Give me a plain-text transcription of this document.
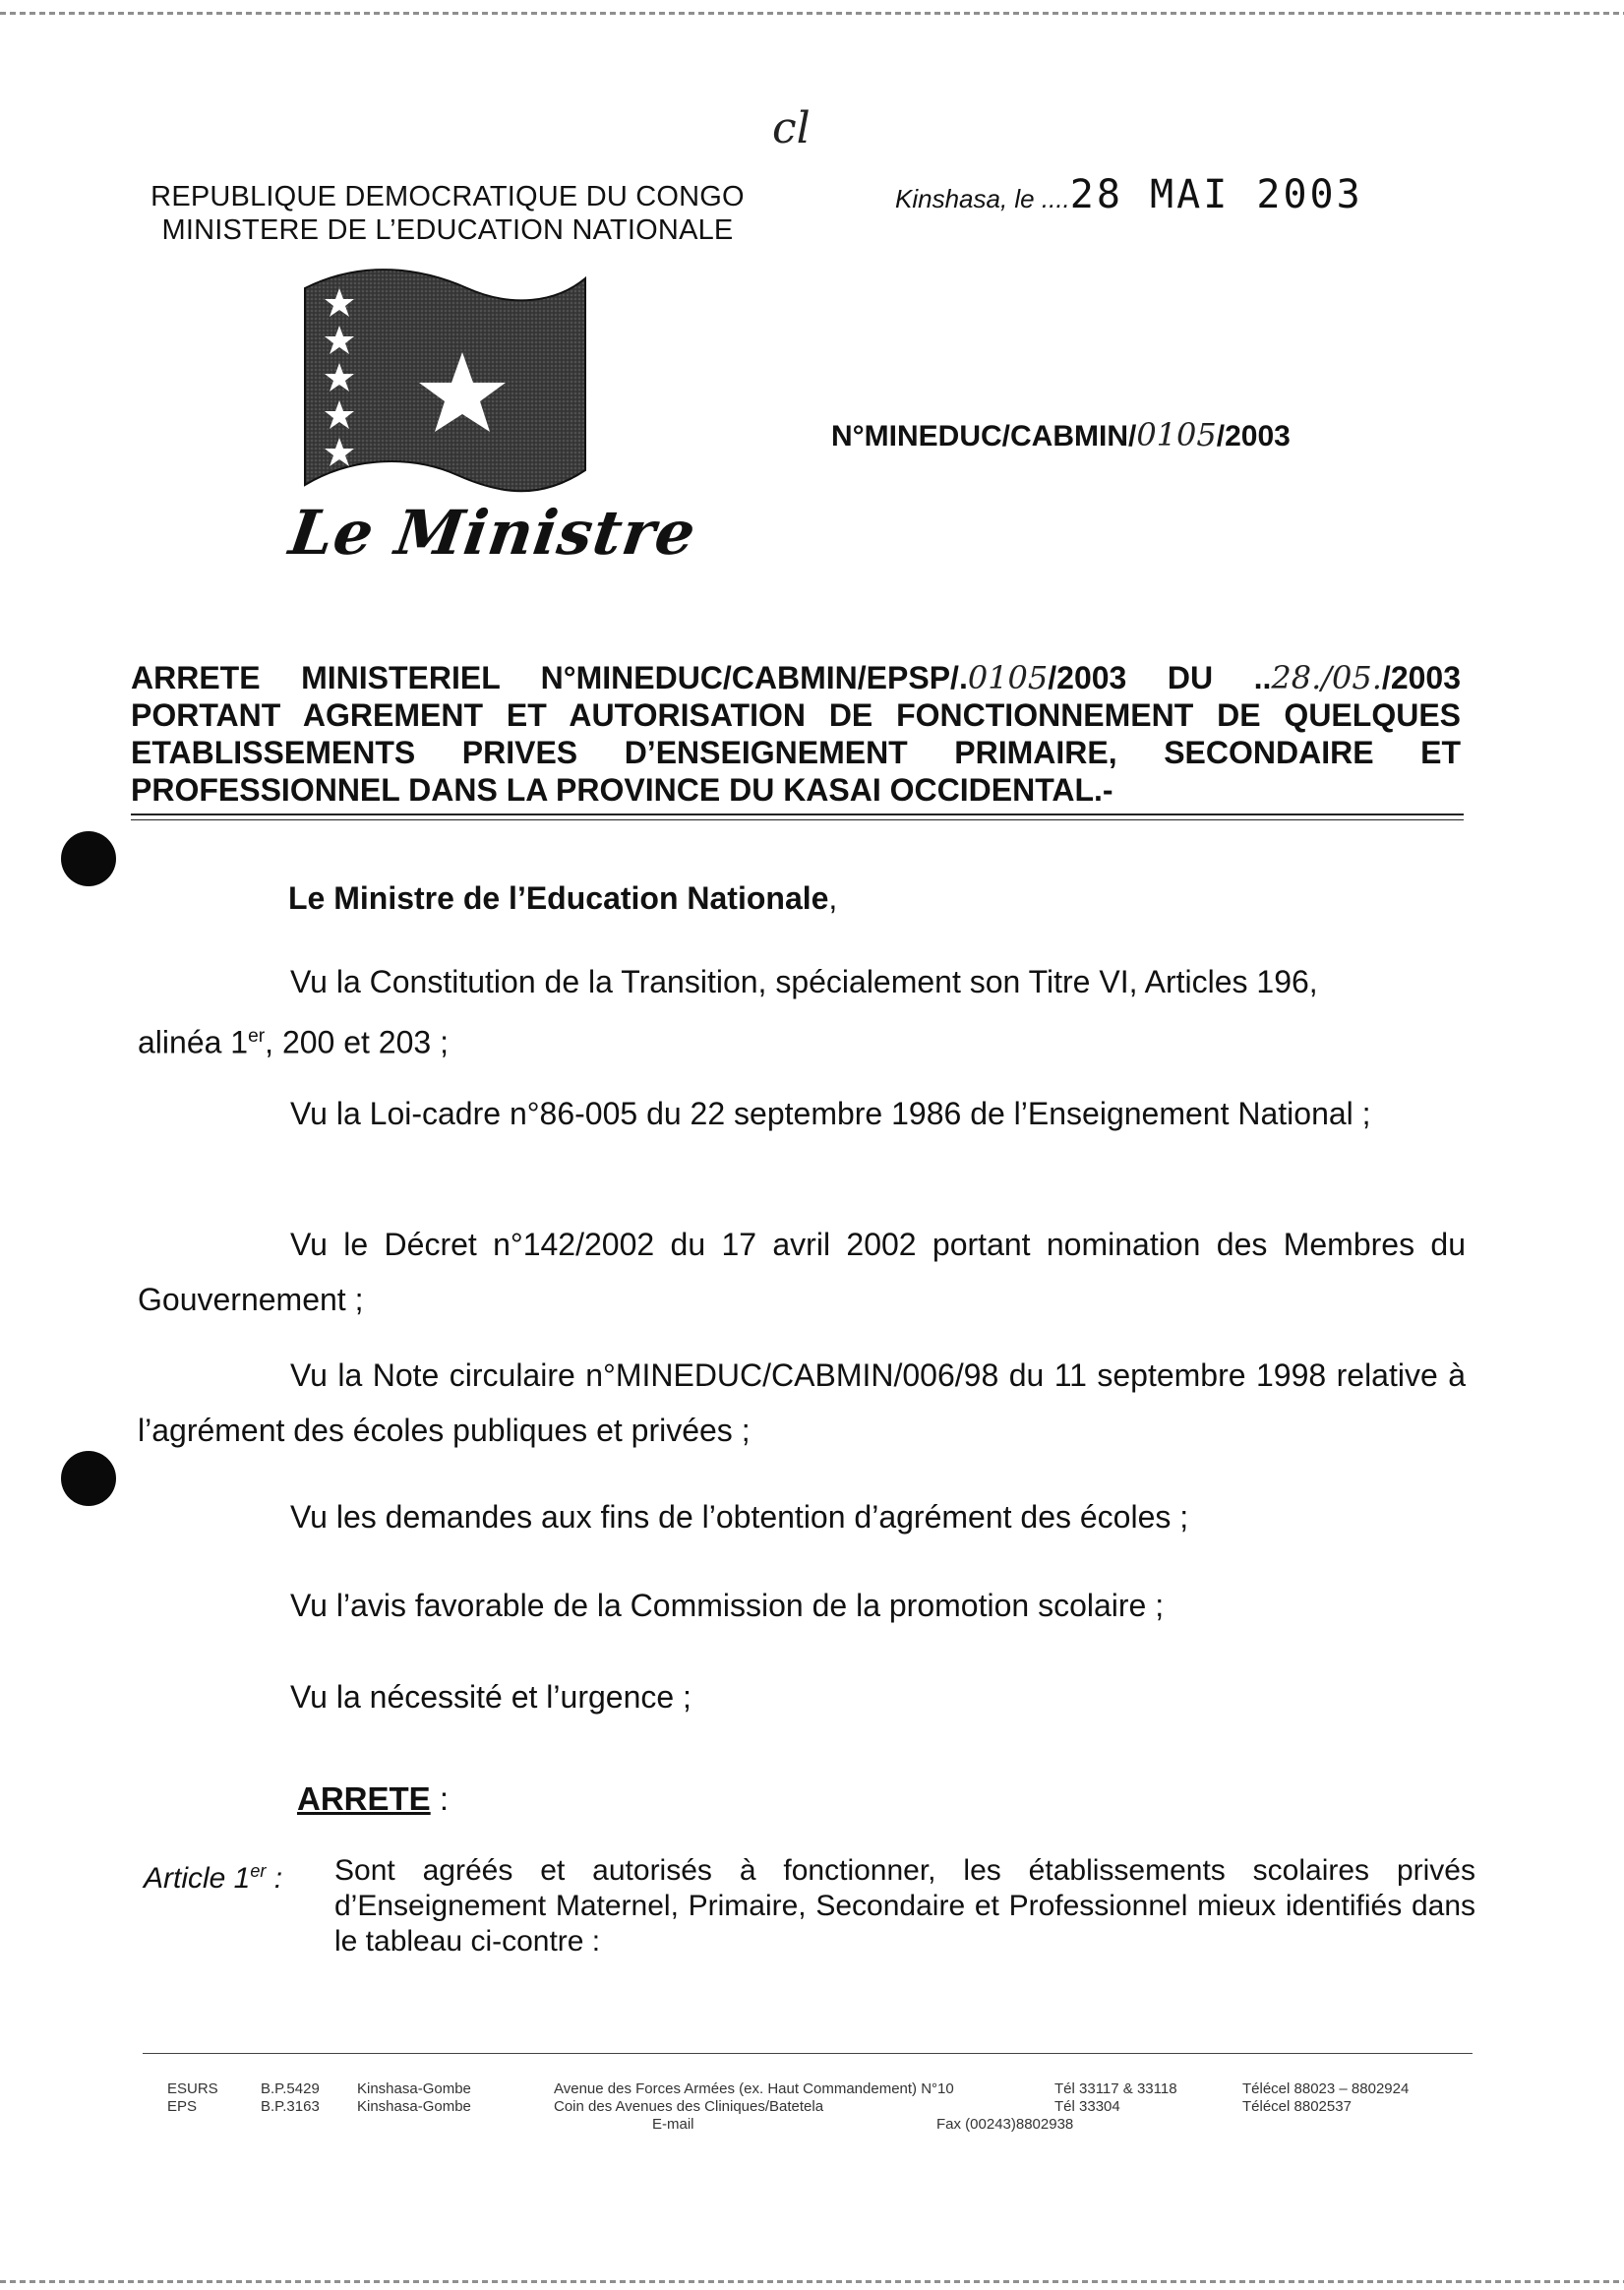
cl
REPUBLIQUE DEMOCRATIQUE DU CONGO
MINISTERE DE L’EDUCATION NATIONALE
Kinshasa, le ....28 MAI 2003
Le Ministre
N°MINEDUC/CABMIN/0105/2003
ARRETE MINISTERIEL N°MINEDUC/CABMIN/EPSP/.0105/2003 DU ..28./05./2003
PORTANT AGREMENT ET AUTORISATION DE FONCTIONNEMENT DE QUELQUES
ETABLISSEMENTS PRIVES D’ENSEIGNEMENT PRIMAIRE, SECONDAIRE ET
PROFESSIONNEL DANS LA PROVINCE DU KASAI OCCIDENTAL.-
Le Ministre de l’Education Nationale,
Vu la Constitution de la Transition, spécialement son Titre VI, Articles 196,
alinéa 1er, 200 et 203 ;
Vu la Loi-cadre n°86-005 du 22 septembre 1986 de l’Enseignement National ;
Vu le Décret n°142/2002 du 17 avril 2002 portant nomination des Membres du Gouvernement ;
Vu la Note circulaire n°MINEDUC/CABMIN/006/98 du 11 septembre 1998 relative à l’agrément des écoles publiques et privées ;
Vu les demandes aux fins de l’obtention d’agrément des écoles ;
Vu l’avis favorable de la Commission de la promotion scolaire ;
Vu la nécessité et l’urgence ;
ARRETE :
Article 1er : Sont agréés et autorisés à fonctionner, les établissements scolaires privés d’Enseignement Maternel, Primaire, Secondaire et Professionnel mieux identifiés dans le tableau ci-contre :
ESURS
EPS
B.P.5429
B.P.3163
Kinshasa-Gombe
Kinshasa-Gombe
Avenue des Forces Armées (ex. Haut Commandement) N°10
Coin des Avenues des Cliniques/Batetela
E-mail
Tél 33117 & 33118
Tél 33304
Fax (00243)8802938
Télécel 88023 – 8802924
Télécel 8802537
